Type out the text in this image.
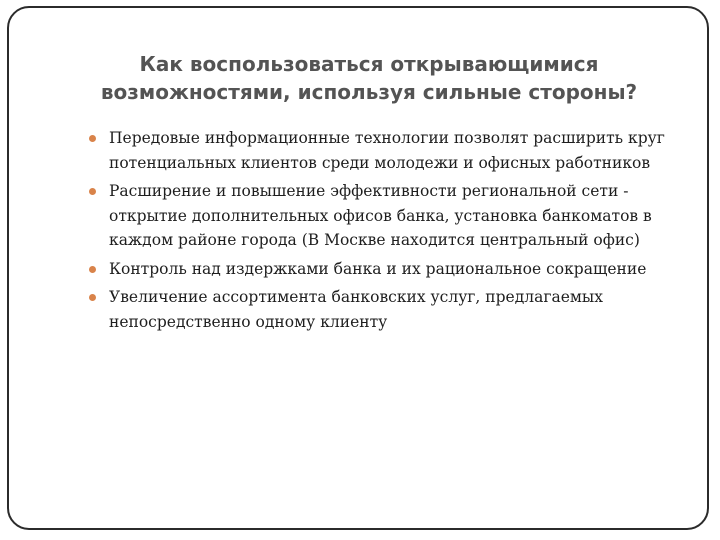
Как воспользоваться открывающимися возможностями, используя сильные стороны?
Передовые информационные технологии позволят расширить круг потенциальных клиентов среди молодежи и офисных работников
Расширение и повышение эффективности региональной сети - открытие дополнительных офисов банка, установка банкоматов в каждом районе города (В Москве находится центральный офис)
Контроль над издержками банка и их рациональное сокращение
Увеличение ассортимента банковских услуг, предлагаемых непосредственно одному клиенту
